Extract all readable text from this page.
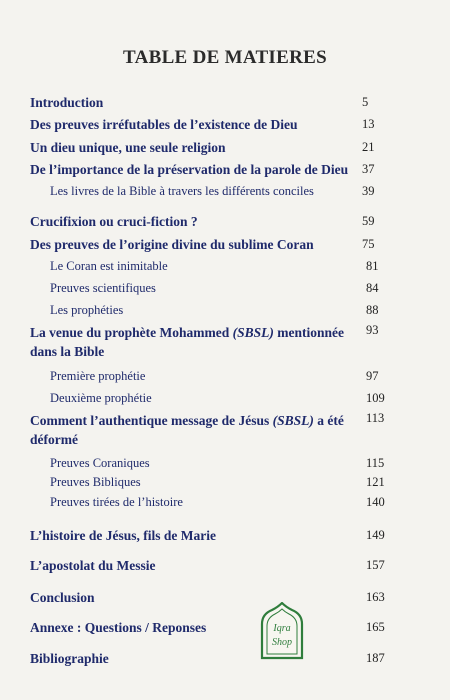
TABLE DE MATIERES
Introduction	5
Des preuves irréfutables de l’existence de Dieu	13
Un dieu unique, une seule religion	21
De l’importance de la préservation de la parole de Dieu 37
Les livres de la Bible à travers les différents conciles	39
Crucifixion ou cruci-fiction ?	59
Des preuves de l’origine divine du sublime Coran	75
Le Coran est inimitable	81
Preuves scientifiques	84
Les prophéties	88
La venue du prophète Mohammed (SBSL) mentionnée dans la Bible
93
Première prophétie	97
Deuxième prophétie	109
Comment l’authentique message de Jésus (SBSL) a été déformé
113
Preuves Coraniques	115
Preuves Bibliques	121
Preuves tirées de l’histoire	140
L’histoire de Jésus, fils de Marie	149
L’apostolat du Messie	157
Conclusion	163
Annexe : Questions / Reponses	165
Bibliographie	187
Iqra
Shop
